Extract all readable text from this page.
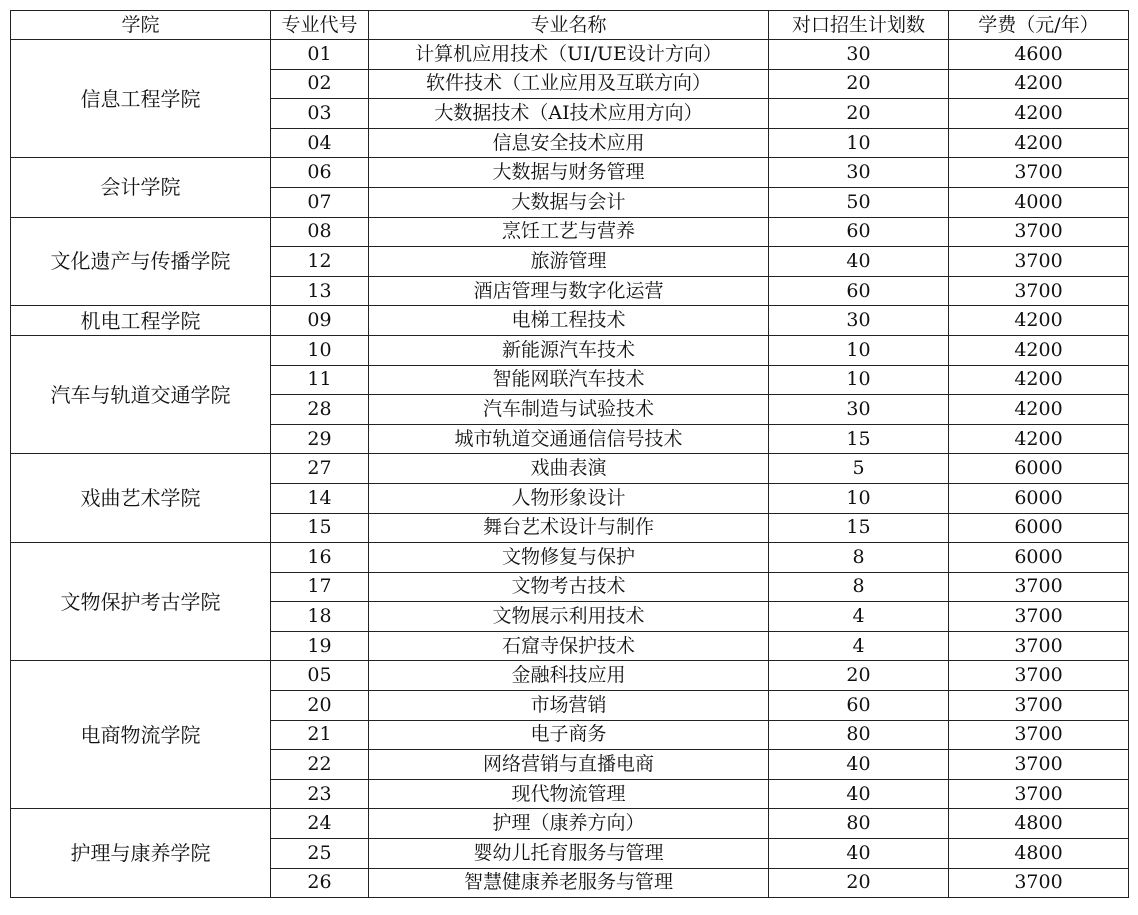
学院	专业代号	专业名称	对口招生计划数	学费（元/年）
信息工程学院	01	计算机应用技术（UI/UE设计方向）	30	4600
	02	软件技术（工业应用及互联方向）	20	4200
	03	大数据技术（AI技术应用方向）	20	4200
	04	信息安全技术应用	10	4200
会计学院	06	大数据与财务管理	30	3700
	07	大数据与会计	50	4000
文化遗产与传播学院	08	烹饪工艺与营养	60	3700
	12	旅游管理	40	3700
	13	酒店管理与数字化运营	60	3700
机电工程学院	09	电梯工程技术	30	4200
汽车与轨道交通学院	10	新能源汽车技术	10	4200
	11	智能网联汽车技术	10	4200
	28	汽车制造与试验技术	30	4200
	29	城市轨道交通通信信号技术	15	4200
戏曲艺术学院	27	戏曲表演	5	6000
	14	人物形象设计	10	6000
	15	舞台艺术设计与制作	15	6000
文物保护考古学院	16	文物修复与保护	8	6000
	17	文物考古技术	8	3700
	18	文物展示利用技术	4	3700
	19	石窟寺保护技术	4	3700
电商物流学院	05	金融科技应用	20	3700
	20	市场营销	60	3700
	21	电子商务	80	3700
	22	网络营销与直播电商	40	3700
	23	现代物流管理	40	3700
护理与康养学院	24	护理（康养方向）	80	4800
	25	婴幼儿托育服务与管理	40	4800
	26	智慧健康养老服务与管理	20	3700
